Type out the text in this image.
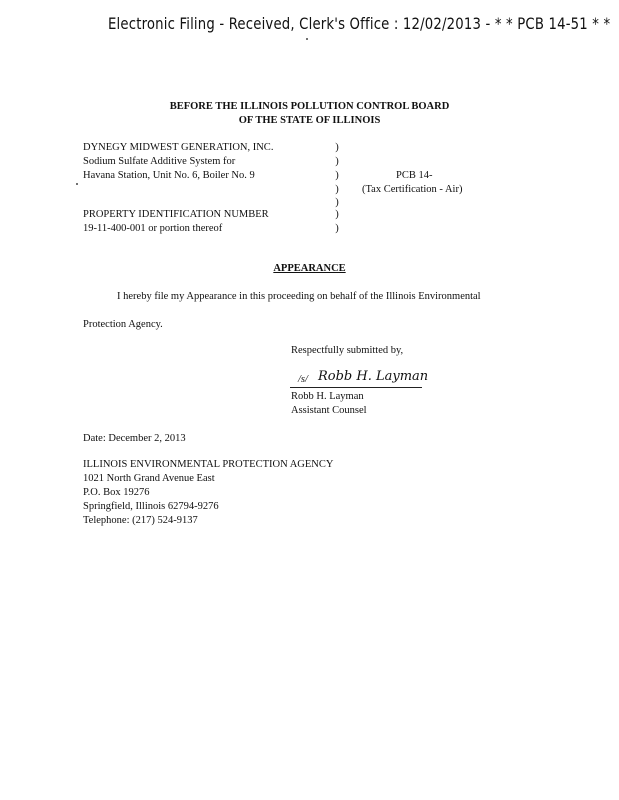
Electronic Filing - Received, Clerk's Office : 12/02/2013 - * * PCB 14-51 * *
BEFORE THE ILLINOIS POLLUTION CONTROL BOARD
OF THE STATE OF ILLINOIS
DYNEGY MIDWEST GENERATION, INC.
Sodium Sulfate Additive System for
Havana Station, Unit No. 6, Boiler No. 9
PROPERTY IDENTIFICATION NUMBER
19-11-400-001 or portion thereof
)
)
)
)
)
)
)
PCB 14-
(Tax Certification - Air)
APPEARANCE
I hereby file my Appearance in this proceeding on behalf of the Illinois Environmental
Protection Agency.
Respectfully submitted by,
/s/ Robb H. Layman
Robb H. Layman
Assistant Counsel
Date: December 2, 2013
ILLINOIS ENVIRONMENTAL PROTECTION AGENCY
1021 North Grand Avenue East
P.O. Box 19276
Springfield, Illinois 62794-9276
Telephone: (217) 524-9137
